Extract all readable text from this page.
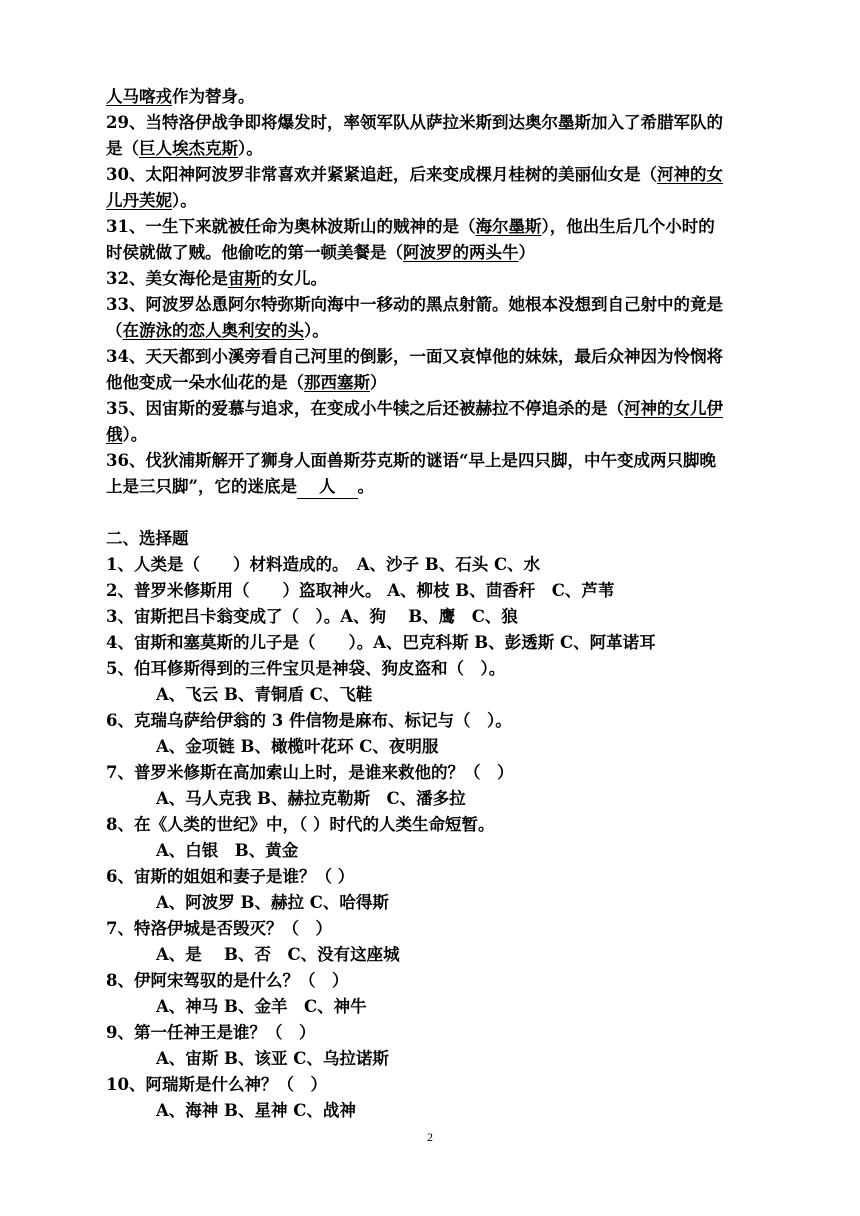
人马喀戎作为替身。
29、当特洛伊战争即将爆发时，率领军队从萨拉米斯到达奥尔墨斯加入了希腊军队的
是（巨人埃杰克斯）。
30、太阳神阿波罗非常喜欢并紧紧追赶，后来变成棵月桂树的美丽仙女是（河神的女
儿丹芙妮）。
31、一生下来就被任命为奥林波斯山的贼神的是（海尔墨斯），他出生后几个小时的
时侯就做了贼。他偷吃的第一顿美餐是（阿波罗的两头牛）
32、美女海伦是宙斯的女儿。
33、阿波罗怂恿阿尔特弥斯向海中一移动的黑点射箭。她根本没想到自己射中的竟是
（在游泳的恋人奥利安的头）。
34、天天都到小溪旁看自己河里的倒影，一面又哀悼他的妹妹，最后众神因为怜悯将
他他变成一朵水仙花的是（那西塞斯）
35、因宙斯的爱慕与追求，在变成小牛犊之后还被赫拉不停追杀的是（河神的女儿伊
俄）。
36、伐狄浦斯解开了狮身人面兽斯芬克斯的谜语“早上是四只脚，中午变成两只脚晚
上是三只脚”，它的迷底是 人 。
二、选择题
1、人类是（　　）材料造成的。　A、沙子 B、石头 C、水
2、普罗米修斯用（　　）盗取神火。 A、柳枝 B、茴香秆　C、芦苇
3、宙斯把吕卡翁变成了（　）。A、狗　 B、鹰　C、狼
4、宙斯和塞莫斯的儿子是（　　）。A、巴克科斯 B、彭透斯 C、阿革诺耳
5、伯耳修斯得到的三件宝贝是神袋、狗皮盗和（　）。
A、飞云 B、青铜盾 C、飞鞋
6、克瑞乌萨给伊翁的 3 件信物是麻布、标记与（　）。
A、金项链 B、橄榄叶花环 C、夜明服
7、普罗米修斯在高加索山上时，是谁来救他的？（　）
A、马人克我 B、赫拉克勒斯　C、潘多拉
8、在《人类的世纪》中，（ ）时代的人类生命短暂。
A、白银　B、黄金
6、宙斯的姐姐和妻子是谁？（ ）
A、阿波罗 B、赫拉 C、哈得斯
7、特洛伊城是否毁灭？（　）
A、是　 B、否　C、没有这座城
8、伊阿宋驾驭的是什么？（　）
A、神马 B、金羊　C、神牛
9、第一任神王是谁？（　）
A、宙斯 B、该亚 C、乌拉诺斯
10、阿瑞斯是什么神？（　）
A、海神 B、星神 C、战神
2
